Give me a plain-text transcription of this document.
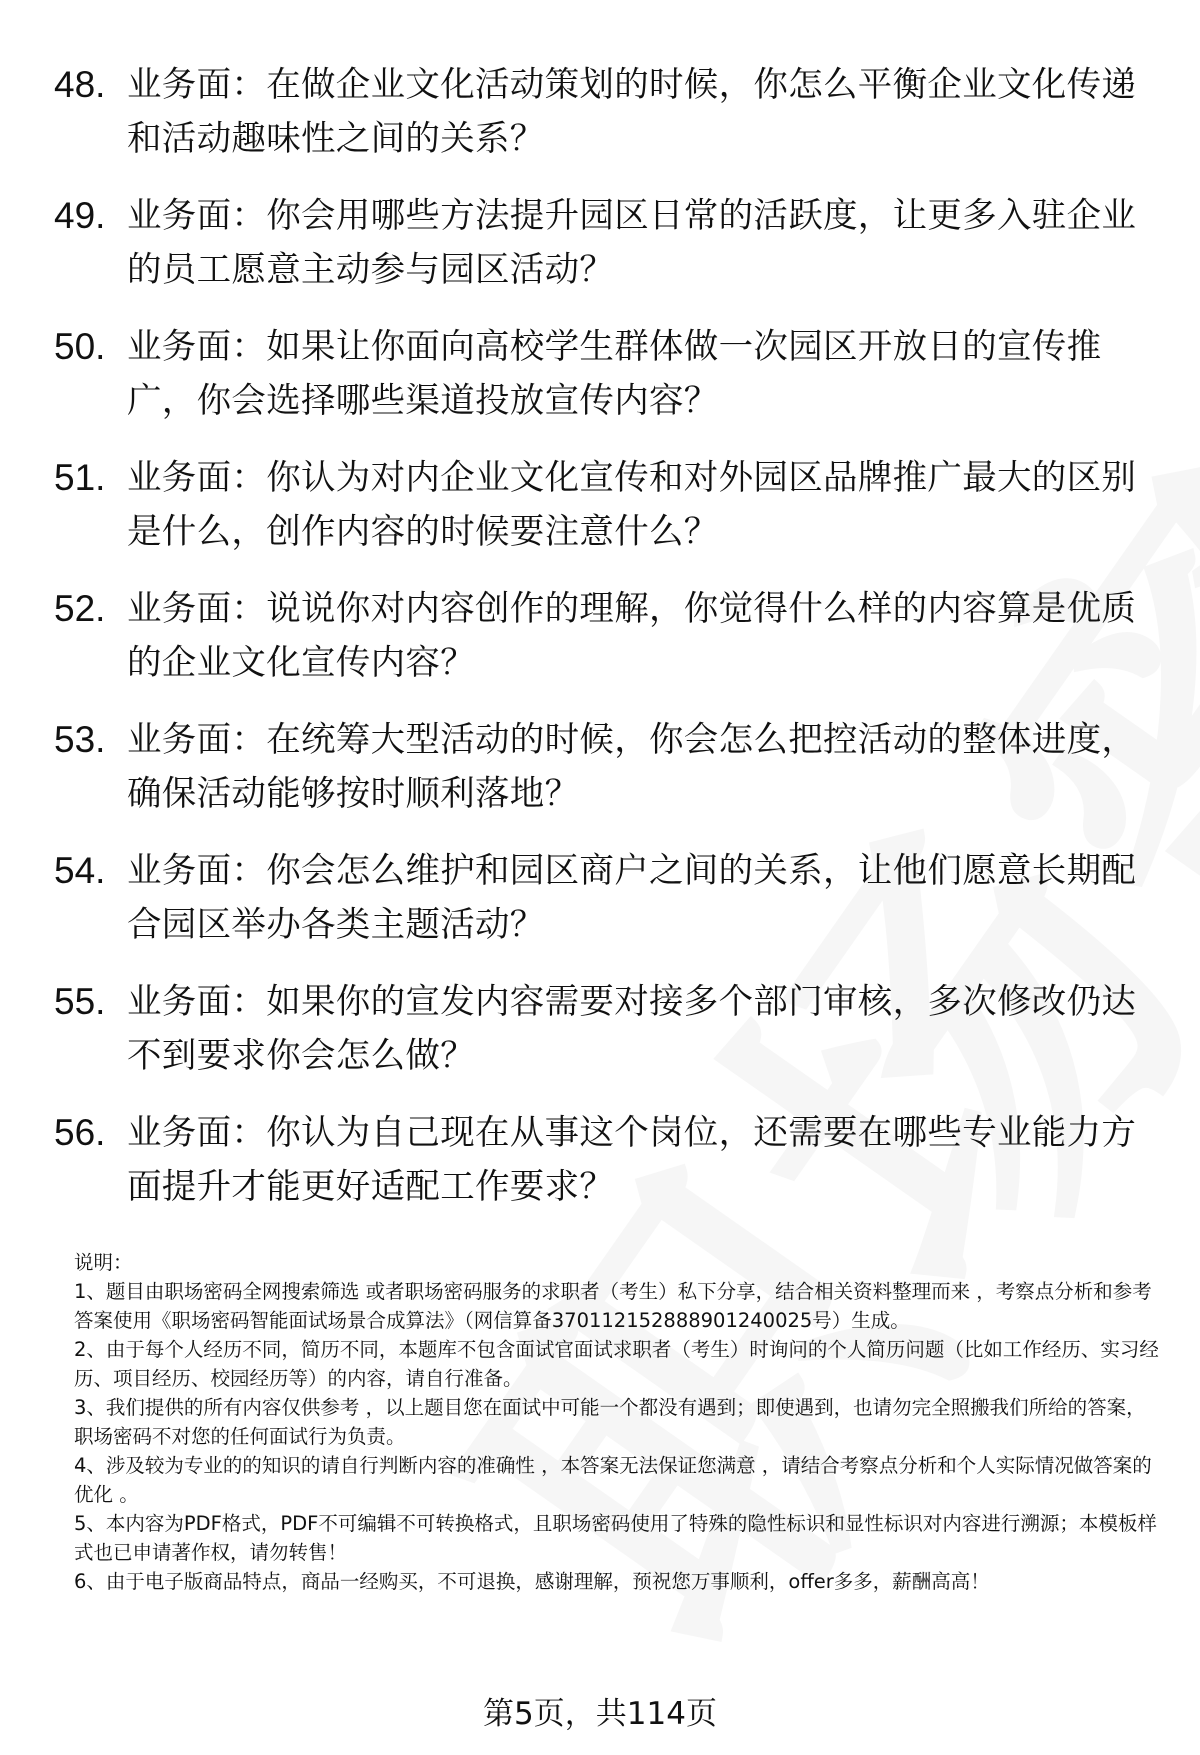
48. 业务面：在做企业文化活动策划的时候，你怎么平衡企业文化传递和活动趣味性之间的关系？
49. 业务面：你会用哪些方法提升园区日常的活跃度，让更多入驻企业的员工愿意主动参与园区活动？
50. 业务面：如果让你面向高校学生群体做一次园区开放日的宣传推广，你会选择哪些渠道投放宣传内容？
51. 业务面：你认为对内企业文化宣传和对外园区品牌推广最大的区别是什么，创作内容的时候要注意什么？
52. 业务面：说说你对内容创作的理解，你觉得什么样的内容算是优质的企业文化宣传内容？
53. 业务面：在统筹大型活动的时候，你会怎么把控活动的整体进度，确保活动能够按时顺利落地？
54. 业务面：你会怎么维护和园区商户之间的关系，让他们愿意长期配合园区举办各类主题活动？
55. 业务面：如果你的宣发内容需要对接多个部门审核，多次修改仍达不到要求你会怎么做？
56. 业务面：你认为自己现在从事这个岗位，还需要在哪些专业能力方面提升才能更好适配工作要求？

说明：

1、题目由职场密码全网搜索筛选 或者职场密码服务的求职者（考生）私下分享，结合相关资料整理而来 ，考察点分析和参考答案使用《职场密码智能面试场景合成算法》（网信算备370112152888901240025号）生成。

2、由于每个人经历不同，简历不同，本题库不包含面试官面试求职者（考生）时询问的个人简历问题（比如工作经历、实习经历、项目经历、校园经历等）的内容，请自行准备。

3、我们提供的所有内容仅供参考 ，以上题目您在面试中可能一个都没有遇到；即使遇到，也请勿完全照搬我们所给的答案，职场密码不对您的任何面试行为负责。

4、涉及较为专业的的知识的请自行判断内容的准确性 ，本答案无法保证您满意 ，请结合考察点分析和个人实际情况做答案的优化 。

5、本内容为PDF格式，PDF不可编辑不可转换格式，且职场密码使用了特殊的隐性标识和显性标识对内容进行溯源；本模板样式也已申请著作权，请勿转售！

6、由于电子版商品特点，商品一经购买，不可退换，感谢理解，预祝您万事顺利，offer多多，薪酬高高！

第5页，共114页
